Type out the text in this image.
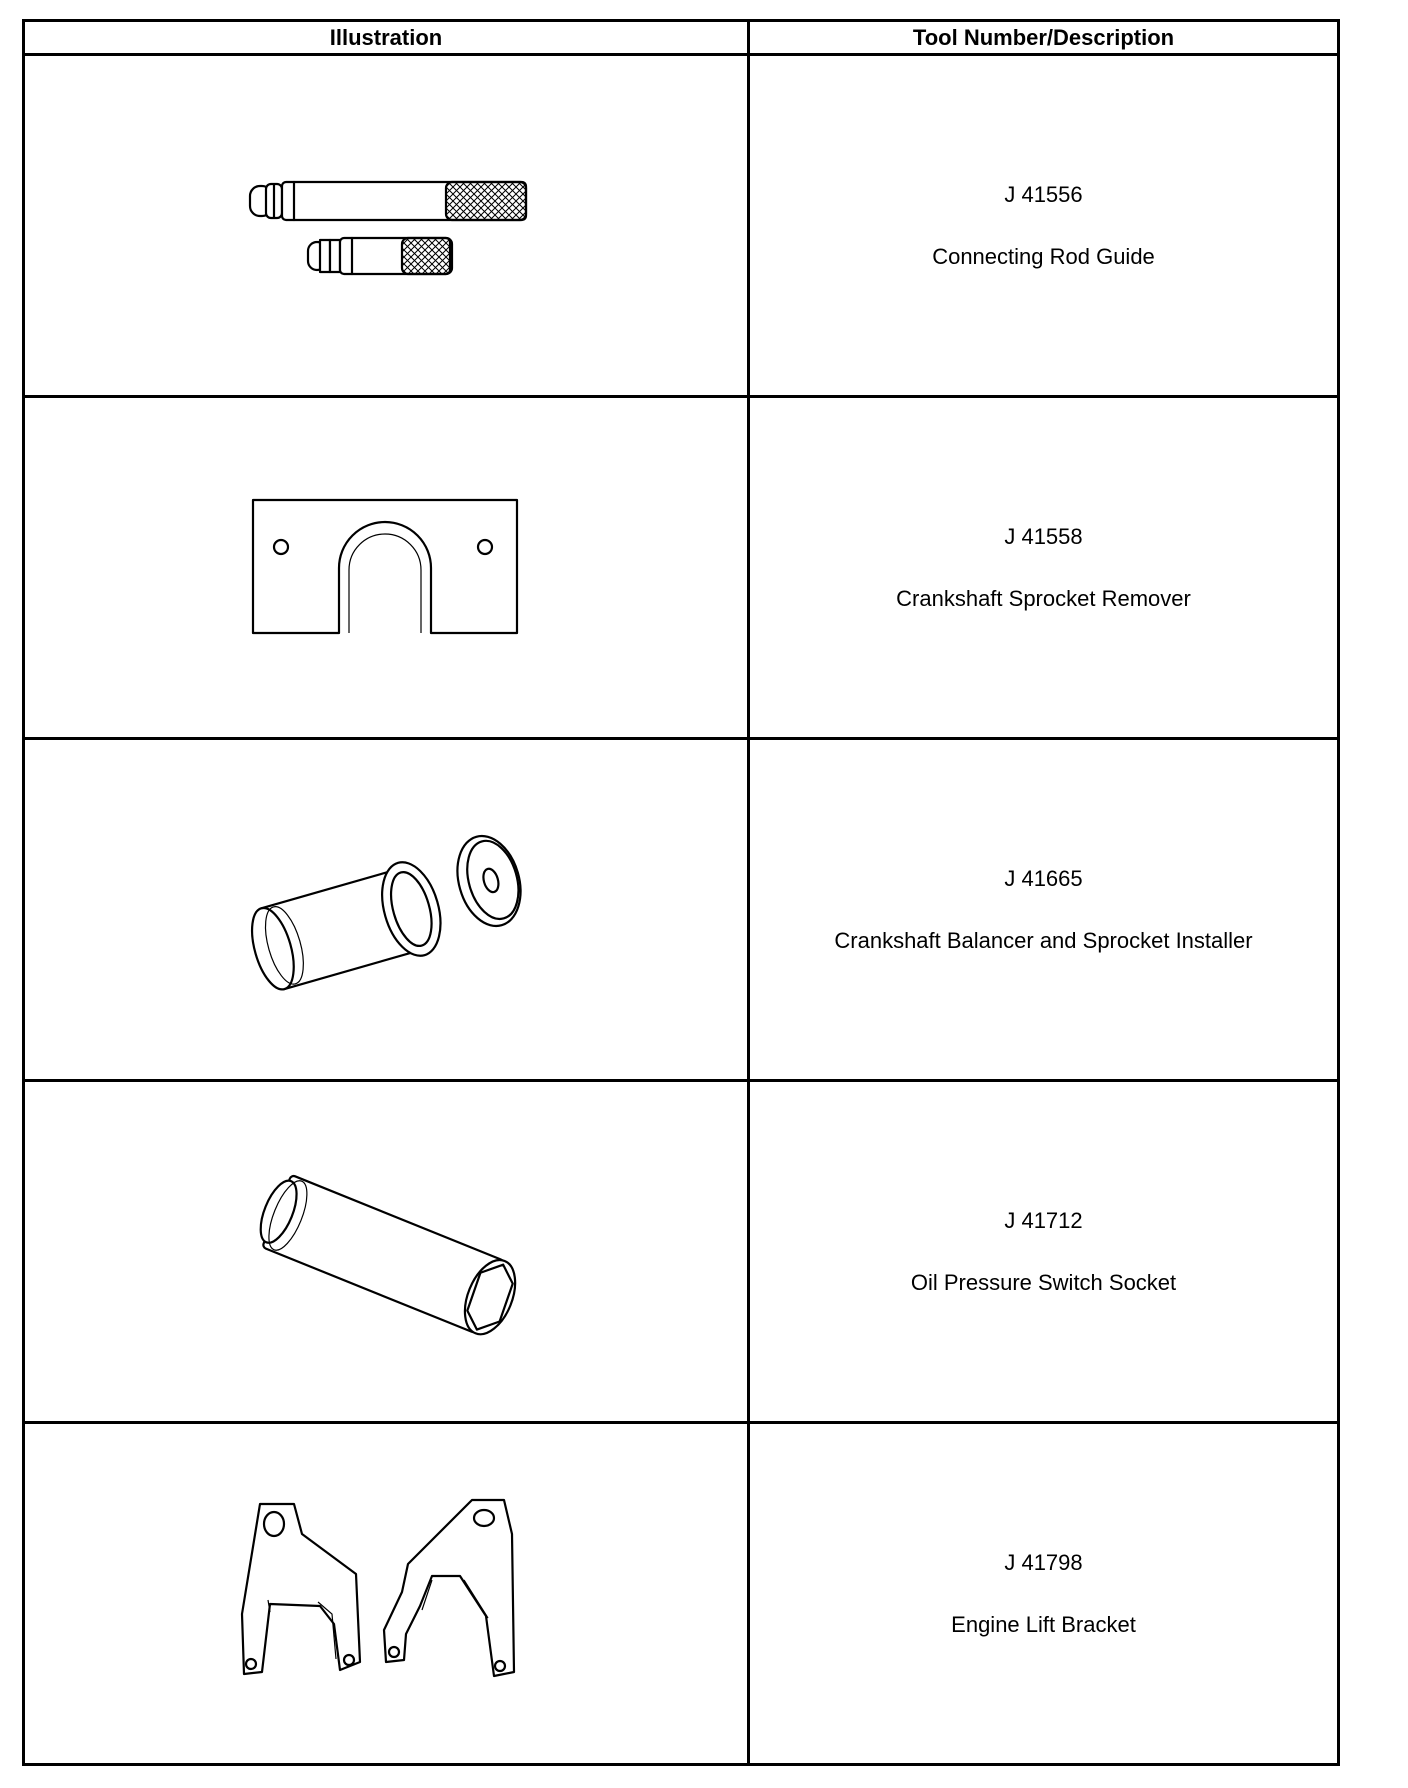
Illustration	Tool Number/Description

J 41556
Connecting Rod Guide

J 41558
Crankshaft Sprocket Remover

J 41665
Crankshaft Balancer and Sprocket Installer

J 41712
Oil Pressure Switch Socket

J 41798
Engine Lift Bracket
